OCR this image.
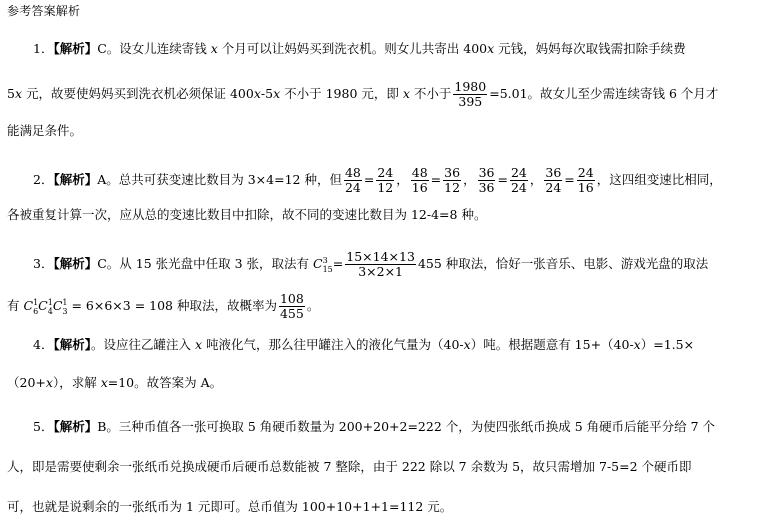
参考答案解析
1．【解析】C。设女儿连续寄钱 x 个月可以让妈妈买到洗衣机。则女儿共寄出 400x 元钱，妈妈每次取钱需扣除手续费
5x 元，故要使妈妈买到洗衣机必须保证 400x-5x 不小于 1980 元，即 x 不小于 $\frac{1980}{395} =5.01$。故女儿至少需连续寄钱 6 个月才
能满足条件。
2．【解析】A。总共可获变速比数目为 3×4=12 种，但 $\frac{48}{24} = \frac{24}{12}$ ， $\frac{48}{16} = \frac{36}{12}$ ， $\frac{36}{36} = \frac{24}{24}$ ， $\frac{36}{24} = \frac{24}{16}$ ，这四组变速比相同，
各被重复计算一次，应从总的变速比数目中扣除，故不同的变速比数目为 12-4=8 种。
3．【解析】C。从 15 张光盘中任取 3 张，取法有 C 3
$15 = \frac{15\times 14\times 13}{3\times 2\times 1} 455$ 种取法，恰好一张音乐、电影、游戏光盘的取法
有 C 1
6 C 1
4 C 1
3 = 6×6×3 = 108 种取法，故概率为 $\frac{108}{455}$ 。
4．【解析】。设应往乙罐注入 x 吨液化气，那么往甲罐注入的液化气量为（40-x）吨。根据题意有 15+（40-x）=1.5×
（20+x），求解 x=10。故答案为 A。
5．【解析】B。三种币值各一张可换取 5 角硬币数量为 200+20+2=222 个，为使四张纸币换成 5 角硬币后能平分给 7 个
人，即是需要使剩余一张纸币兑换成硬币后硬币总数能被 7 整除，由于 222 除以 7 余数为 5，故只需增加 7-5=2 个硬币即
可，也就是说剩余的一张纸币为 1 元即可。总币值为 100+10+1+1=112 元。
